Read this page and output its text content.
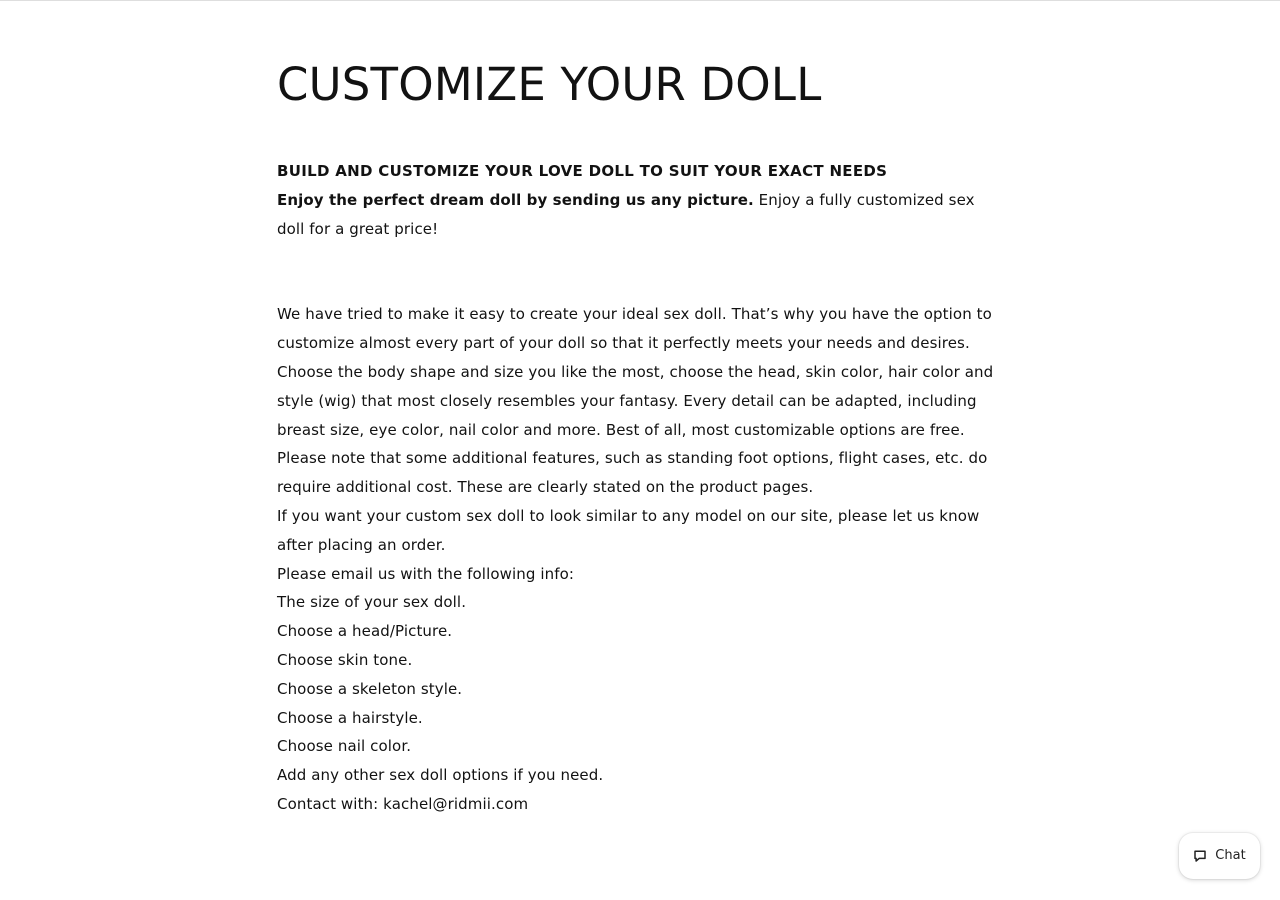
CUSTOMIZE YOUR DOLL

BUILD AND CUSTOMIZE YOUR LOVE DOLL TO SUIT YOUR EXACT NEEDS

Enjoy the perfect dream doll by sending us any picture. Enjoy a fully customized sex doll for a great price!

We have tried to make it easy to create your ideal sex doll. That’s why you have the option to customize almost every part of your doll so that it perfectly meets your needs and desires. Choose the body shape and size you like the most, choose the head, skin color, hair color and style (wig) that most closely resembles your fantasy. Every detail can be adapted, including breast size, eye color, nail color and more. Best of all, most customizable options are free.

Please note that some additional features, such as standing foot options, flight cases, etc. do require additional cost. These are clearly stated on the product pages.

If you want your custom sex doll to look similar to any model on our site, please let us know after placing an order.

Please email us with the following info:

The size of your sex doll.

Choose a head/Picture.

Choose skin tone.

Choose a skeleton style.

Choose a hairstyle.

Choose nail color.

Add any other sex doll options if you need.

Contact with: kachel@ridmii.com

Chat
